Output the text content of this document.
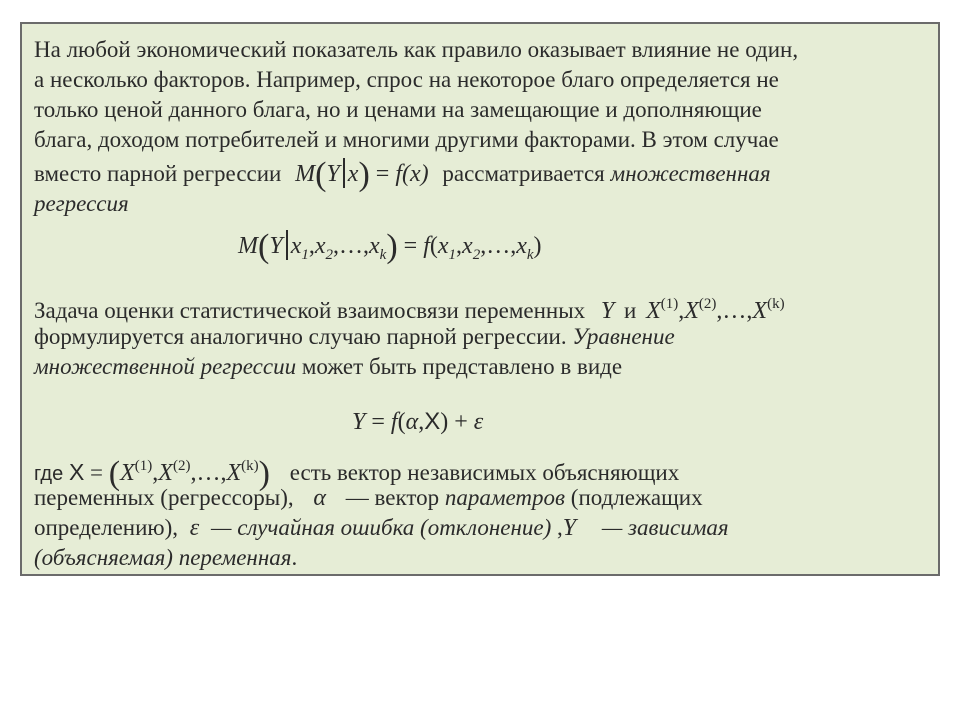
На любой экономический показатель как правило оказывает влияние не один,
а несколько факторов. Например, спрос на некоторое благо определяется не
только ценой данного блага, но и ценами на замещающие и дополняющие
блага, доходом потребителей и многими другими факторами. В этом случае
вместо парной регрессии M(Y x) = f(x) рассматривается множественная
регрессия
M(Y $x_1,x_2,\dots,x_k$) = $f(x_1,x_2,\dots,x_k)$
Задача оценки статистической взаимосвязи переменных Y и $X^{(1)},X^{(2)},\dots,X^{(k)}$
формулируется аналогично случаю парной регрессии. Уравнение
множественной регрессии может быть представлено в виде
Y = f(α,X) + ε
где $X = (X^{(1)},X^{(2)},\dots,X^{(k)})$ есть вектор независимых объясняющих
переменных (регрессоры), α — вектор параметров (подлежащих
определению), ε — случайная ошибка (отклонение) ,Y — зависимая
(объясняемая) переменная.
